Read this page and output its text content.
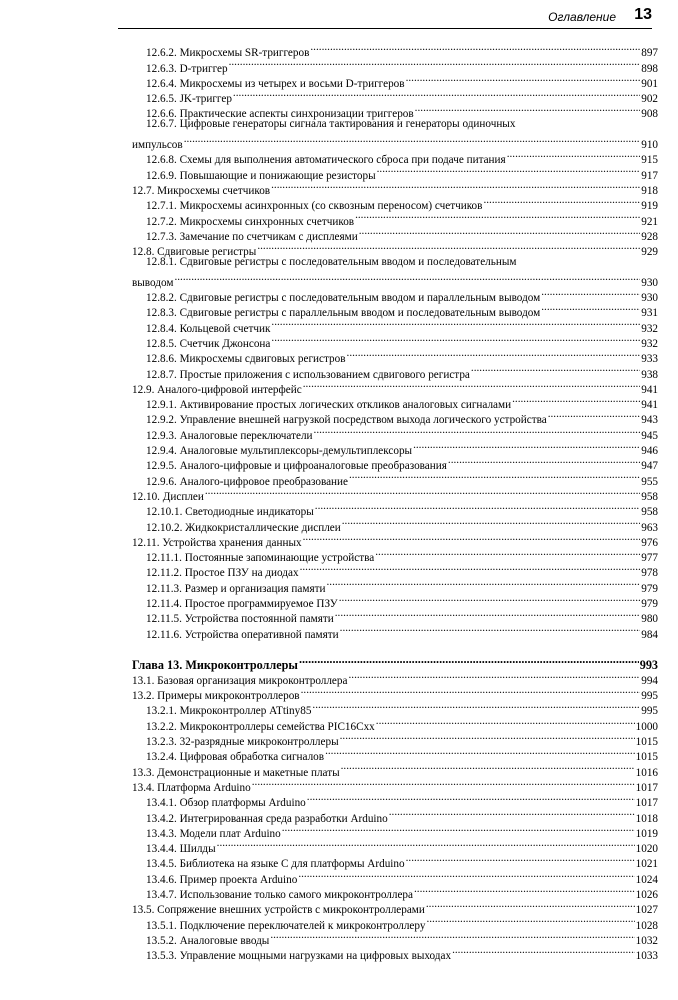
Оглавление 13
12.6.2. Микросхемы SR-триггеров .....	897
12.6.3. D-триггер .....	898
12.6.4. Микросхемы из четырех и восьми D-триггеров .....	901
12.6.5. JK-триггер .....	902
12.6.6. Практические аспекты синхронизации триггеров .....	908
12.6.7. Цифровые генераторы сигнала тактирования и генераторы одиночных
импульсов .....	910
12.6.8. Схемы для выполнения автоматического сброса при подаче питания .....	915
12.6.9. Повышающие и понижающие резисторы .....	917
12.7. Микросхемы счетчиков .....	918
12.7.1. Микросхемы асинхронных (со сквозным переносом) счетчиков .....	919
12.7.2. Микросхемы синхронных счетчиков .....	921
12.7.3. Замечание по счетчикам с дисплеями .....	928
12.8. Сдвиговые регистры .....	929
12.8.1. Сдвиговые регистры с последовательным вводом и последовательным
выводом .....	930
12.8.2. Сдвиговые регистры с последовательным вводом и параллельным выводом .....	930
12.8.3. Сдвиговые регистры с параллельным вводом и последовательным выводом .....	931
12.8.4. Кольцевой счетчик .....	932
12.8.5. Счетчик Джонсона .....	932
12.8.6. Микросхемы сдвиговых регистров .....	933
12.8.7. Простые приложения с использованием сдвигового регистра .....	938
12.9. Аналого-цифровой интерфейс .....	941
12.9.1. Активирование простых логических откликов аналоговых сигналами .....	941
12.9.2. Управление внешней нагрузкой посредством выхода логического устройства .....	943
12.9.3. Аналоговые переключатели .....	945
12.9.4. Аналоговые мультиплексоры-демультиплексоры .....	946
12.9.5. Аналого-цифровые и цифроаналоговые преобразования .....	947
12.9.6. Аналого-цифровое преобразование .....	955
12.10. Дисплеи .....	958
12.10.1. Светодиодные индикаторы .....	958
12.10.2. Жидкокристаллические дисплеи .....	963
12.11. Устройства хранения данных .....	976
12.11.1. Постоянные запоминающие устройства .....	977
12.11.2. Простое ПЗУ на диодах .....	978
12.11.3. Размер и организация памяти .....	979
12.11.4. Простое программируемое ПЗУ .....	979
12.11.5. Устройства постоянной памяти .....	980
12.11.6. Устройства оперативной памяти .....	984
Глава 13. Микроконтроллеры .....	993
13.1. Базовая организация микроконтроллера .....	994
13.2. Примеры микроконтроллеров .....	995
13.2.1. Микроконтроллер ATtiny85 .....	995
13.2.2. Микроконтроллеры семейства PIC16Cxx .....	1000
13.2.3. 32-разрядные микроконтроллеры .....	1015
13.2.4. Цифровая обработка сигналов .....	1015
13.3. Демонстрационные и макетные платы .....	1016
13.4. Платформа Arduino .....	1017
13.4.1. Обзор платформы Arduino .....	1017
13.4.2. Интегрированная среда разработки Arduino .....	1018
13.4.3. Модели плат Arduino .....	1019
13.4.4. Шилды .....	1020
13.4.5. Библиотека на языке C для платформы Arduino .....	1021
13.4.6. Пример проекта Arduino .....	1024
13.4.7. Использование только самого микроконтроллера .....	1026
13.5. Сопряжение внешних устройств с микроконтроллерами .....	1027
13.5.1. Подключение переключателей к микроконтроллеру .....	1028
13.5.2. Аналоговые вводы .....	1032
13.5.3. Управление мощными нагрузками на цифровых выходах .....	1033
